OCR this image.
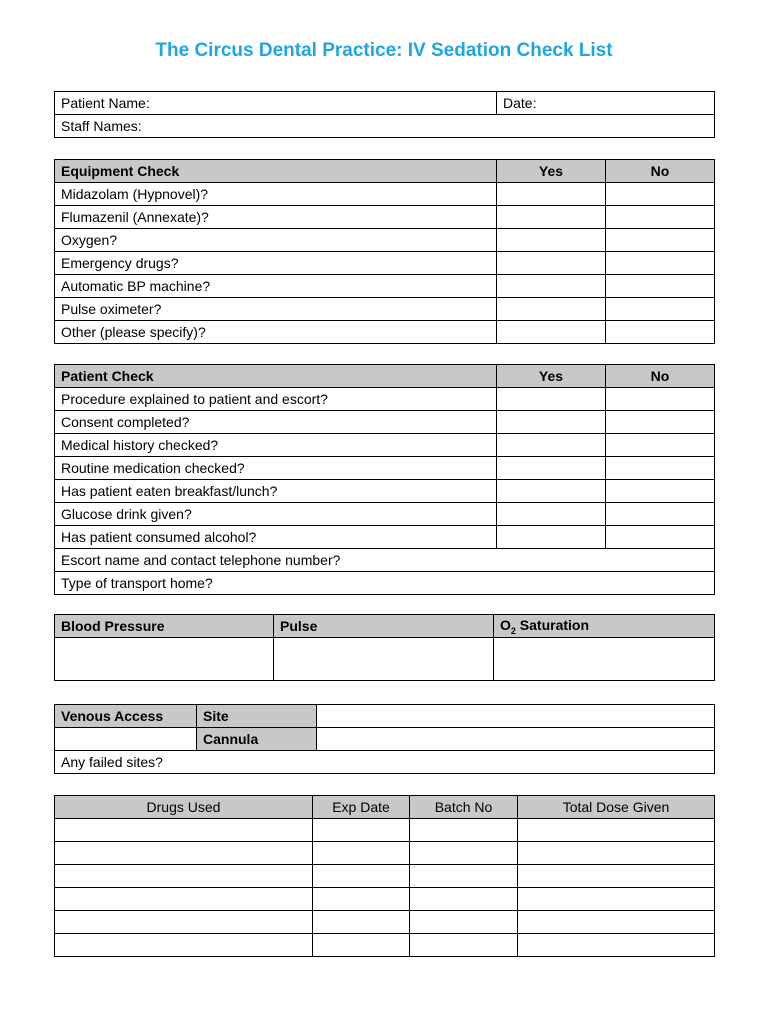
The Circus Dental Practice: IV Sedation Check List
Patient Name:	Date:
Staff Names:
Equipment Check	Yes	No
Midazolam (Hypnovel)?		
Flumazenil (Annexate)?		
Oxygen?		
Emergency drugs?		
Automatic BP machine?		
Pulse oximeter?		
Other (please specify)?		
Patient Check	Yes	No
Procedure explained to patient and escort?		
Consent completed?		
Medical history checked?		
Routine medication checked?		
Has patient eaten breakfast/lunch?		
Glucose drink given?		
Has patient consumed alcohol?		
Escort name and contact telephone number?		
Type of transport home?		
Blood Pressure	Pulse	$O_2$ Saturation

Venous Access	Site	
	Cannula	
Any failed sites?		
Drugs Used	Exp Date	Batch No	Total Dose Given
